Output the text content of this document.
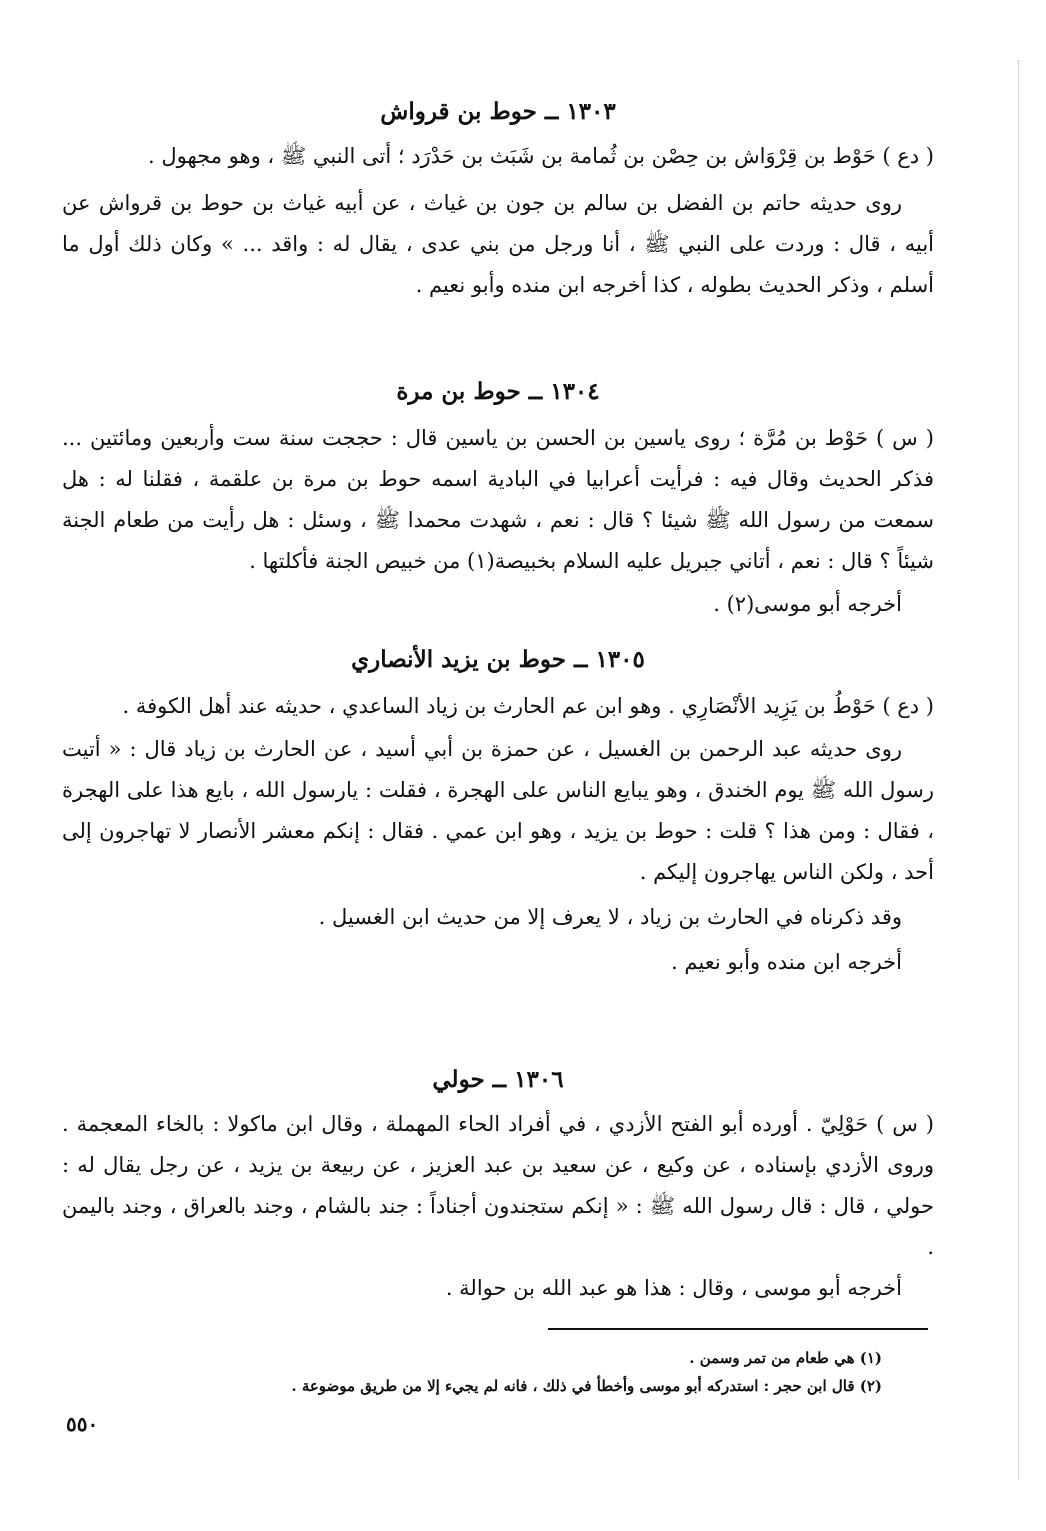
١٣٠٣ ــ حوط بن قرواش

( دع ) حَوْط بن قِرْوَاش بن حِصْن بن ثُمامة بن شَبَث بن حَدْرَد ؛ أتى النبي ﷺ ، وهو مجهول .

روى حديثه حاتم بن الفضل بن سالم بن جون بن غياث ، عن أبيه غياث بن حوط بن قرواش عن أبيه ، قال : وردت على النبي ﷺ ، أنا ورجل من بني عدى ، يقال له : واقد ... » وكان ذلك أول ما أسلم ، وذكر الحديث بطوله ، كذا أخرجه ابن منده وأبو نعيم .

١٣٠٤ ــ حوط بن مرة

( س ) حَوْط بن مُرَّة ؛ روى ياسين بن الحسن بن ياسين قال : حججت سنة ست وأربعين ومائتين ... فذكر الحديث وقال فيه : فرأيت أعرابيا في البادية اسمه حوط بن مرة بن علقمة ، فقلنا له : هل سمعت من رسول الله ﷺ شيئا ؟ قال : نعم ، شهدت محمدا ﷺ ، وسئل : هل رأيت من طعام الجنة شيئاً ؟ قال : نعم ، أتاني جبريل عليه السلام بخبيصة(١) من خبيص الجنة فأكلتها .

أخرجه أبو موسى(٢) .

١٣٠٥ ــ حوط بن يزيد الأنصاري

( دع ) حَوْطُ بن يَزِيد الأنْصَارِي . وهو ابن عم الحارث بن زياد الساعدي ، حديثه عند أهل الكوفة .

روى حديثه عبد الرحمن بن الغسيل ، عن حمزة بن أبي أسيد ، عن الحارث بن زياد قال : « أتيت رسول الله ﷺ يوم الخندق ، وهو يبايع الناس على الهجرة ، فقلت : يارسول الله ، بايع هذا على الهجرة ، فقال : ومن هذا ؟ قلت : حوط بن يزيد ، وهو ابن عمي . فقال : إنكم معشر الأنصار لا تهاجرون إلى أحد ، ولكن الناس يهاجرون إليكم .

وقد ذكرناه في الحارث بن زياد ، لا يعرف إلا من حديث ابن الغسيل .

أخرجه ابن منده وأبو نعيم .

١٣٠٦ ــ حولي

( س ) حَوْلِيّ . أورده أبو الفتح الأزدي ، في أفراد الحاء المهملة ، وقال ابن ماكولا : بالخاء المعجمة . وروى الأزدي بإسناده ، عن وكيع ، عن سعيد بن عبد العزيز ، عن ربيعة بن يزيد ، عن رجل يقال له : حولي ، قال : قال رسول الله ﷺ : « إنكم ستجندون أجناداً : جند بالشام ، وجند بالعراق ، وجند باليمن .

أخرجه أبو موسى ، وقال : هذا هو عبد الله بن حوالة .

(١) هي طعام من تمر وسمن .

(٢) قال ابن حجر : استدركه أبو موسى وأخطأ في ذلك ، فانه لم يجيء إلا من طريق موضوعة .

٥٥٠
